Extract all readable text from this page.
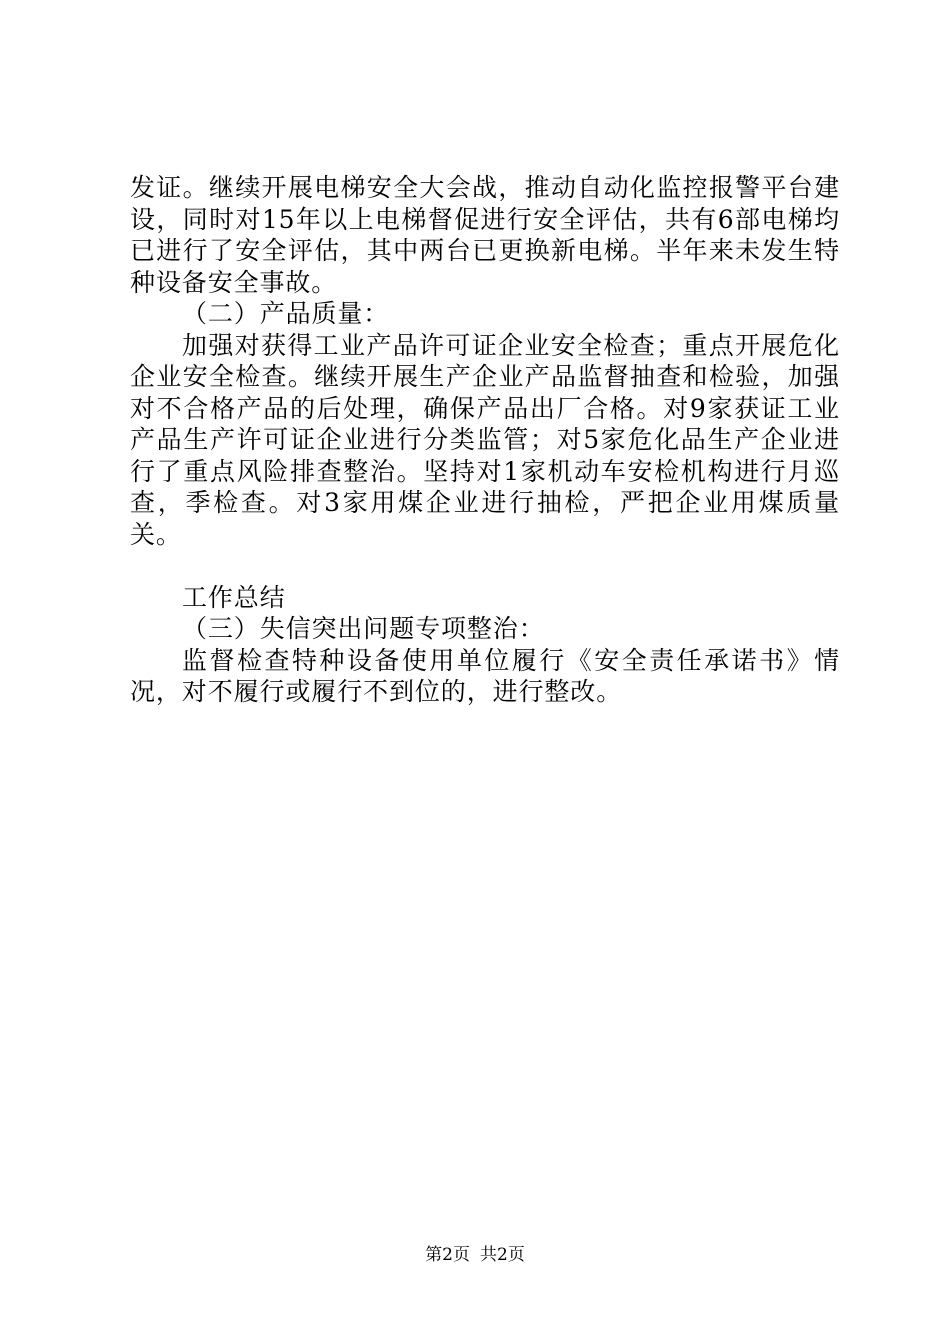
发证。继续开展电梯安全大会战，推动自动化监控报警平台建设，同时对15年以上电梯督促进行安全评估，共有6部电梯均已进行了安全评估，其中两台已更换新电梯。半年来未发生特种设备安全事故。

（二）产品质量：

加强对获得工业产品许可证企业安全检查；重点开展危化企业安全检查。继续开展生产企业产品监督抽查和检验，加强对不合格产品的后处理，确保产品出厂合格。对9家获证工业产品生产许可证企业进行分类监管；对5家危化品生产企业进行了重点风险排查整治。坚持对1家机动车安检机构进行月巡查，季检查。对3家用煤企业进行抽检，严把企业用煤质量关。

工作总结

（三）失信突出问题专项整治：

监督检查特种设备使用单位履行《安全责任承诺书》情况，对不履行或履行不到位的，进行整改。

第2页 共2页
